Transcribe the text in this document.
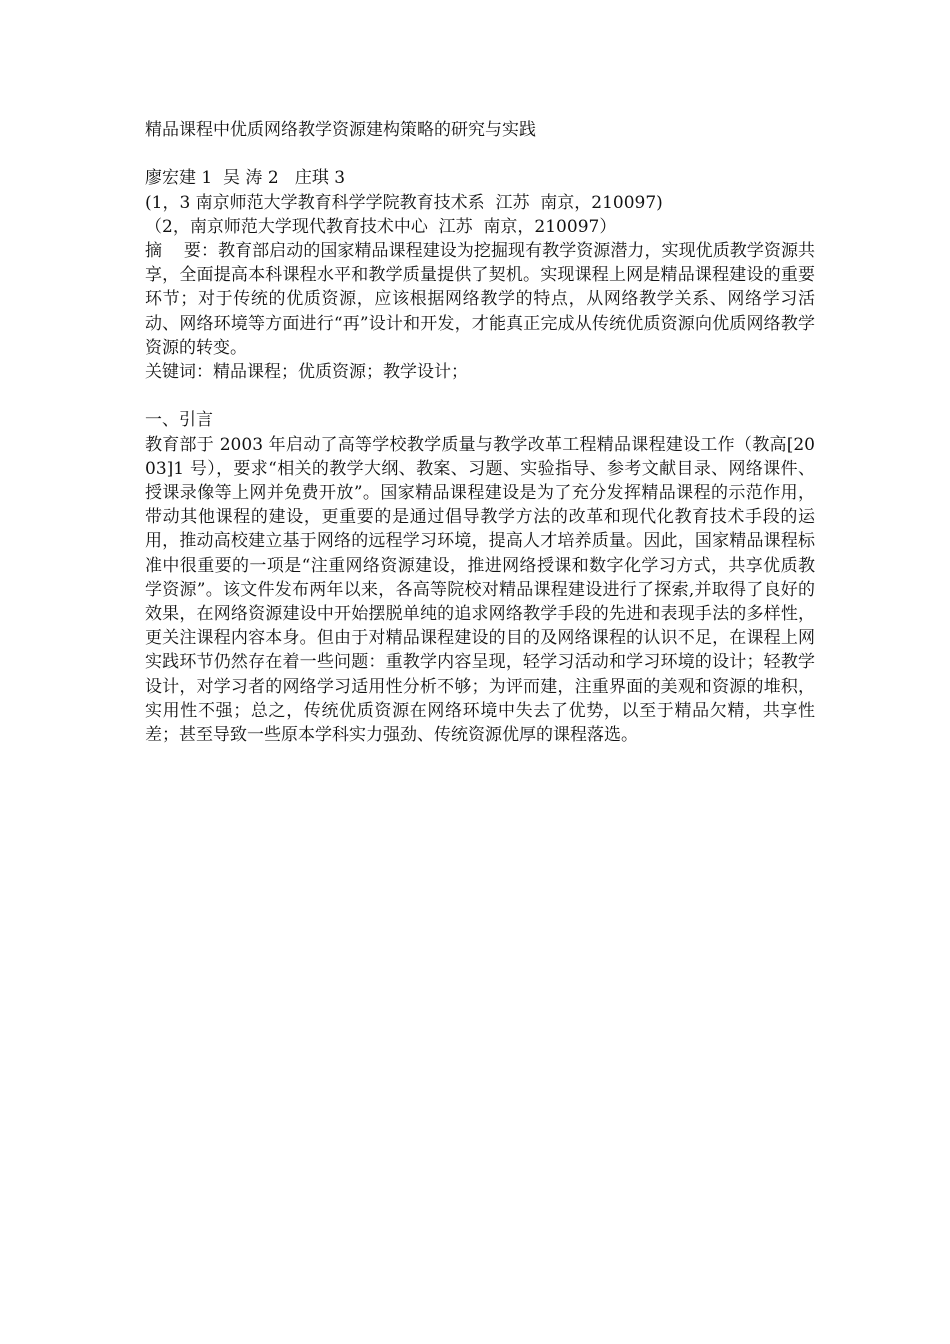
精品课程中优质网络教学资源建构策略的研究与实践
廖宏建 1  吴 涛 2   庄琪 3
(1，3 南京师范大学教育科学学院教育技术系  江苏  南京，210097)
（2，南京师范大学现代教育技术中心  江苏  南京，210097）
摘    要：教育部启动的国家精品课程建设为挖掘现有教学资源潜力，实现优质教学资源共享，全面提高本科课程水平和教学质量提供了契机。实现课程上网是精品课程建设的重要环节；对于传统的优质资源，应该根据网络教学的特点，从网络教学关系、网络学习活动、网络环境等方面进行“再”设计和开发，才能真正完成从传统优质资源向优质网络教学资源的转变。
关键词：精品课程；优质资源；教学设计；
一、引言
教育部于 2003 年启动了高等学校教学质量与教学改革工程精品课程建设工作（教高[2003]1 号），要求“相关的教学大纲、教案、习题、实验指导、参考文献目录、网络课件、授课录像等上网并免费开放”。国家精品课程建设是为了充分发挥精品课程的示范作用，带动其他课程的建设，更重要的是通过倡导教学方法的改革和现代化教育技术手段的运用，推动高校建立基于网络的远程学习环境，提高人才培养质量。因此，国家精品课程标准中很重要的一项是“注重网络资源建设，推进网络授课和数字化学习方式，共享优质教学资源”。该文件发布两年以来，各高等院校对精品课程建设进行了探索,并取得了良好的效果，在网络资源建设中开始摆脱单纯的追求网络教学手段的先进和表现手法的多样性，更关注课程内容本身。但由于对精品课程建设的目的及网络课程的认识不足，在课程上网实践环节仍然存在着一些问题：重教学内容呈现，轻学习活动和学习环境的设计；轻教学设计，对学习者的网络学习适用性分析不够；为评而建，注重界面的美观和资源的堆积，实用性不强；总之，传统优质资源在网络环境中失去了优势，以至于精品欠精，共享性差；甚至导致一些原本学科实力强劲、传统资源优厚的课程落选。
